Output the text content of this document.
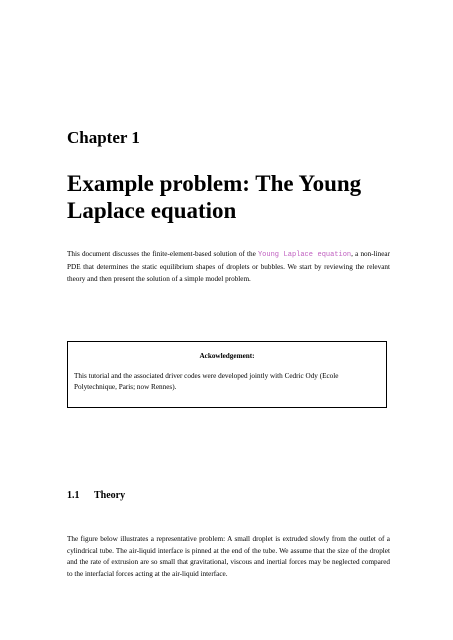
Chapter 1
Example problem: The Young Laplace equation

This document discusses the finite-element-based solution of the Young Laplace equation, a non-linear PDE that determines the static equilibrium shapes of droplets or bubbles. We start by reviewing the relevant theory and then present the solution of a simple model problem.

Ackowledgement:
This tutorial and the associated driver codes were developed jointly with Cedric Ody (Ecole Polytechnique, Paris; now Rennes).
1.1 Theory

The figure below illustrates a representative problem: A small droplet is extruded slowly from the outlet of a cylindrical tube. The air-liquid interface is pinned at the end of the tube. We assume that the size of the droplet and the rate of extrusion are so small that gravitational, viscous and inertial forces may be neglected compared to the interfacial forces acting at the air-liquid interface.
